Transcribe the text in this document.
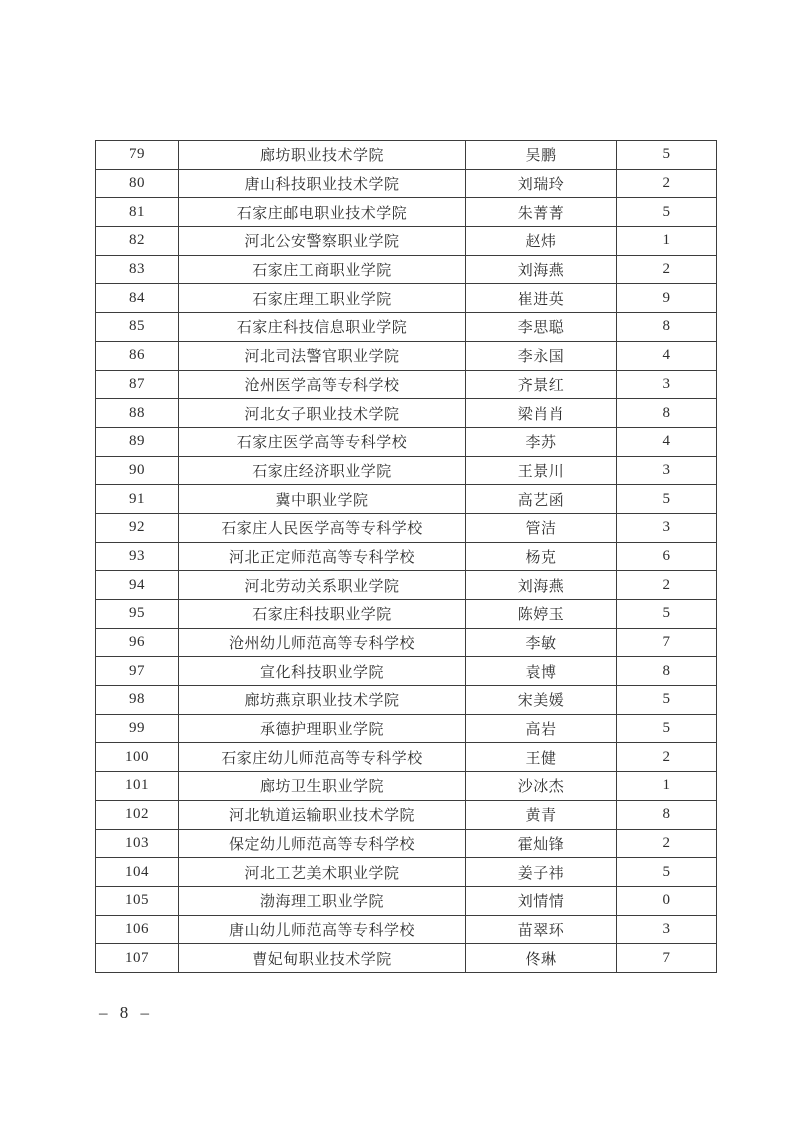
79	廊坊职业技术学院	吴鹏	5
80	唐山科技职业技术学院	刘瑞玲	2
81	石家庄邮电职业技术学院	朱菁菁	5
82	河北公安警察职业学院	赵炜	1
83	石家庄工商职业学院	刘海燕	2
84	石家庄理工职业学院	崔进英	9
85	石家庄科技信息职业学院	李思聪	8
86	河北司法警官职业学院	李永国	4
87	沧州医学高等专科学校	齐景红	3
88	河北女子职业技术学院	梁肖肖	8
89	石家庄医学高等专科学校	李苏	4
90	石家庄经济职业学院	王景川	3
91	冀中职业学院	高艺函	5
92	石家庄人民医学高等专科学校	管洁	3
93	河北正定师范高等专科学校	杨克	6
94	河北劳动关系职业学院	刘海燕	2
95	石家庄科技职业学院	陈婷玉	5
96	沧州幼儿师范高等专科学校	李敏	7
97	宣化科技职业学院	袁博	8
98	廊坊燕京职业技术学院	宋美媛	5
99	承德护理职业学院	高岩	5
100	石家庄幼儿师范高等专科学校	王健	2
101	廊坊卫生职业学院	沙冰杰	1
102	河北轨道运输职业技术学院	黄青	8
103	保定幼儿师范高等专科学校	霍灿锋	2
104	河北工艺美术职业学院	姜子祎	5
105	渤海理工职业学院	刘情情	0
106	唐山幼儿师范高等专科学校	苗翠环	3
107	曹妃甸职业技术学院	佟琳	7
– 8 –
